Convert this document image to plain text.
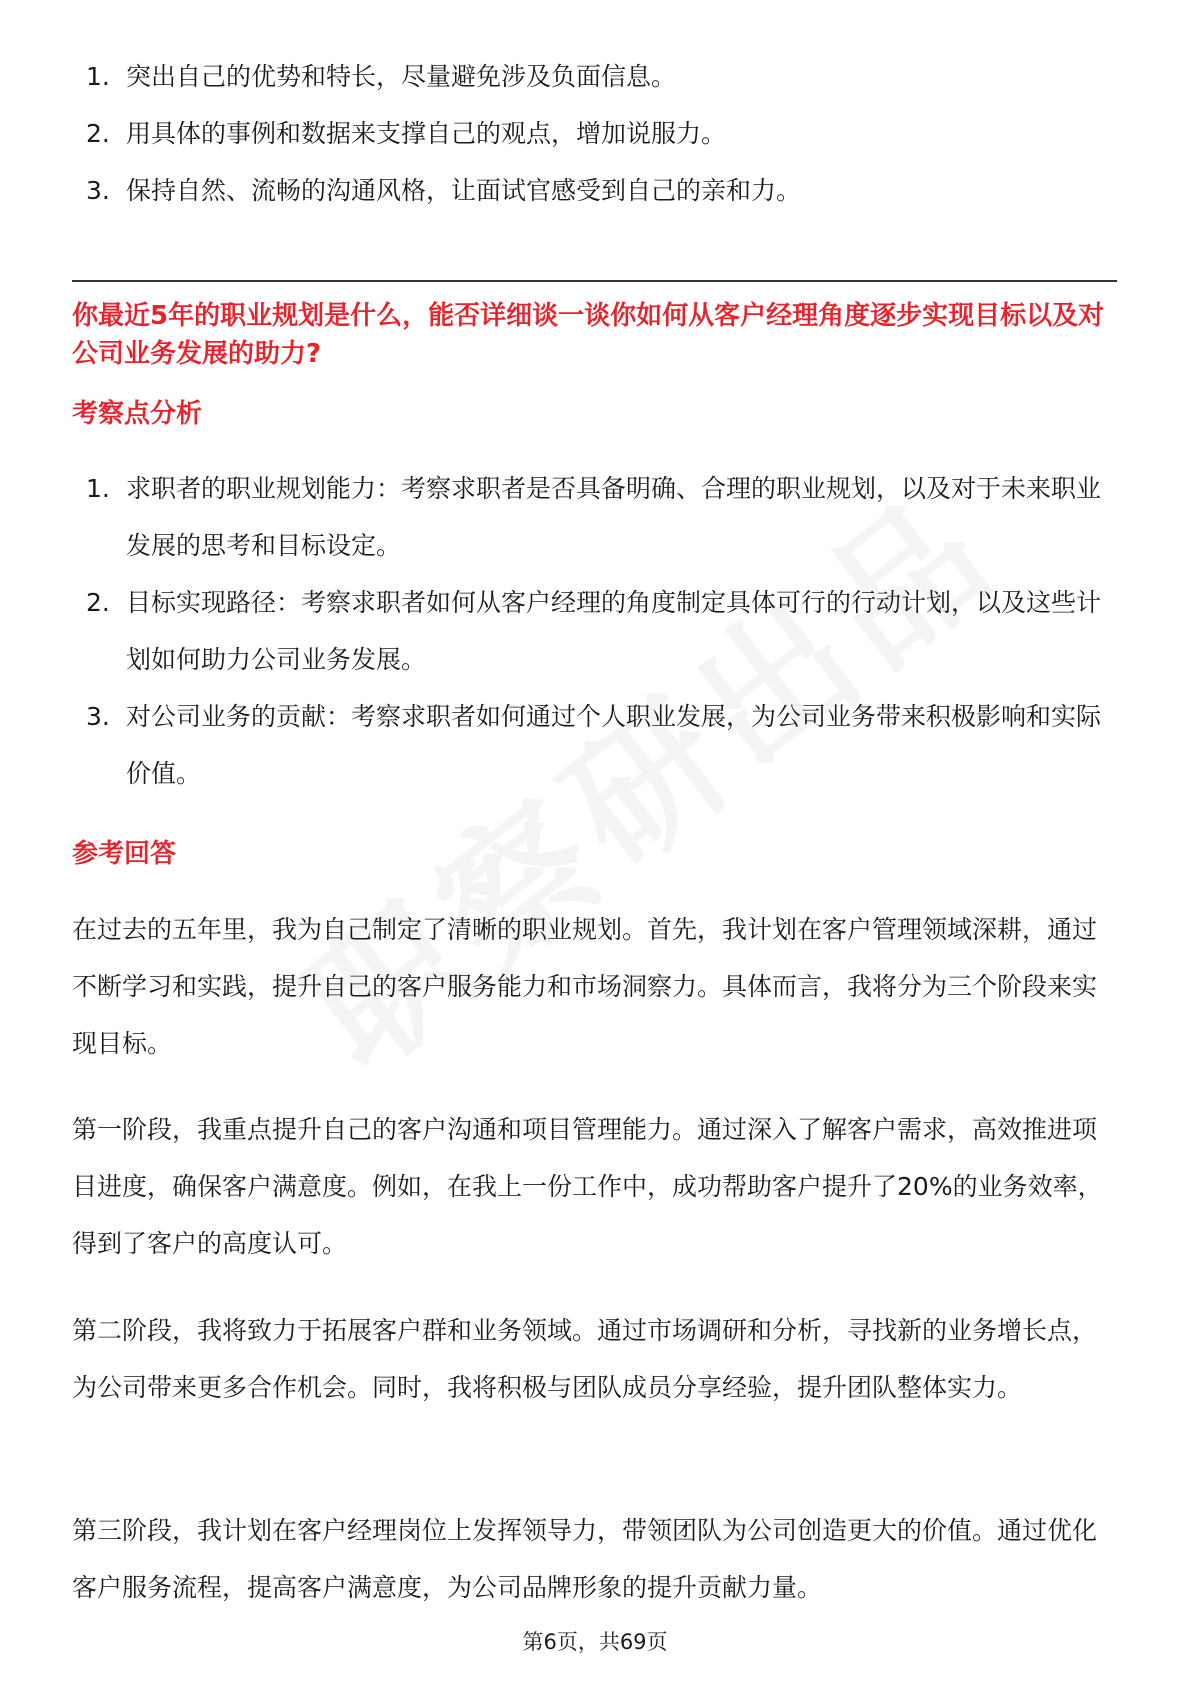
1. 突出自己的优势和特长，尽量避免涉及负面信息。
2. 用具体的事例和数据来支撑自己的观点，增加说服力。
3. 保持自然、流畅的沟通风格，让面试官感受到自己的亲和力。
你最近5年的职业规划是什么，能否详细谈一谈你如何从客户经理角度逐步实现目标以及对公司业务发展的助力?
考察点分析
1. 求职者的职业规划能力：考察求职者是否具备明确、合理的职业规划，以及对于未来职业发展的思考和目标设定。
2. 目标实现路径：考察求职者如何从客户经理的角度制定具体可行的行动计划，以及这些计划如何助力公司业务发展。
3. 对公司业务的贡献：考察求职者如何通过个人职业发展，为公司业务带来积极影响和实际价值。
参考回答

在过去的五年里，我为自己制定了清晰的职业规划。首先，我计划在客户管理领域深耕，通过不断学习和实践，提升自己的客户服务能力和市场洞察力。具体而言，我将分为三个阶段来实现目标。

第一阶段，我重点提升自己的客户沟通和项目管理能力。通过深入了解客户需求，高效推进项目进度，确保客户满意度。例如，在我上一份工作中，成功帮助客户提升了20%的业务效率，得到了客户的高度认可。

第二阶段，我将致力于拓展客户群和业务领域。通过市场调研和分析，寻找新的业务增长点，为公司带来更多合作机会。同时，我将积极与团队成员分享经验，提升团队整体实力。

第三阶段，我计划在客户经理岗位上发挥领导力，带领团队为公司创造更大的价值。通过优化客户服务流程，提高客户满意度，为公司品牌形象的提升贡献力量。

第6页，共69页
